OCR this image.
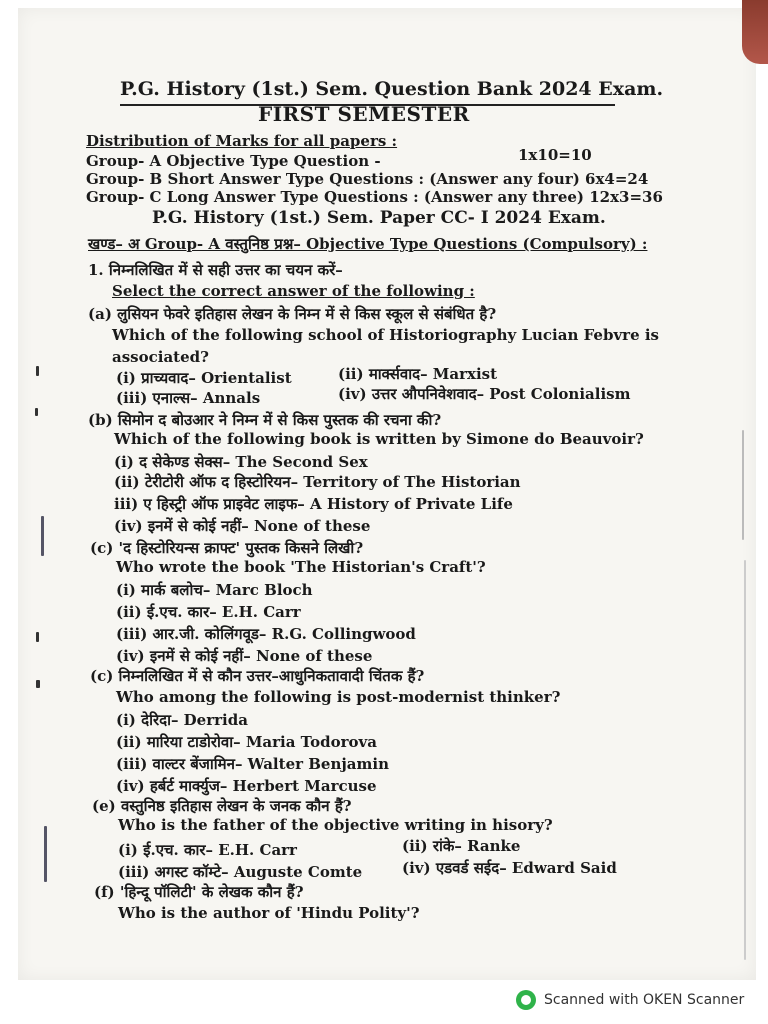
P.G. History (1st.) Sem. Question Bank 2024 Exam.
FIRST SEMESTER
Distribution of Marks for all papers :
Group- A Objective Type Question -	1x10=10
Group- B Short Answer Type Questions : (Answer any four) 6x4=24
Group- C Long Answer Type Questions : (Answer any three) 12x3=36
P.G. History (1st.) Sem. Paper CC- I 2024 Exam.
खण्ड– अ Group- A वस्तुनिष्ठ प्रश्न– Objective Type Questions (Compulsory) :
1. निम्नलिखित में से सही उत्तर का चयन करें–
Select the correct answer of the following :
(a) लुसियन फेवरे इतिहास लेखन के निम्न में से किस स्कूल से संबंधित है?
Which of the following school of Historiography Lucian Febvre is
associated?
(i) प्राच्यवाद– Orientalist	(ii) मार्क्सवाद– Marxist
(iii) एनाल्स– Annals	(iv) उत्तर औपनिवेशवाद– Post Colonialism
(b) सिमोन द बोउआर ने निम्न में से किस पुस्तक की रचना की?
Which of the following book is written by Simone do Beauvoir?
(i) द सेकेण्ड सेक्स– The Second Sex
(ii) टेरीटोरी ऑफ द हिस्टोरियन– Territory of The Historian
iii) ए हिस्ट्री ऑफ प्राइवेट लाइफ– A History of Private Life
(iv) इनमें से कोई नहीं– None of these
(c) 'द हिस्टोरियन्स क्राफ्ट' पुस्तक किसने लिखी?
Who wrote the book 'The Historian's Craft'?
(i) मार्क बलोच– Marc Bloch
(ii) ई.एच. कार– E.H. Carr
(iii) आर.जी. कोलिंगवूड– R.G. Collingwood
(iv) इनमें से कोई नहीं– None of these
(c) निम्नलिखित में से कौन उत्तर–आधुनिकतावादी चिंतक हैं?
Who among the following is post-modernist thinker?
(i) देरिदा– Derrida
(ii) मारिया टाडोरोवा– Maria Todorova
(iii) वाल्टर बेंजामिन– Walter Benjamin
(iv) हर्बर्ट मार्क्युज– Herbert Marcuse
(e) वस्तुनिष्ठ इतिहास लेखन के जनक कौन हैं?
Who is the father of the objective writing in hisory?
(i) ई.एच. कार– E.H. Carr	(ii) रांके– Ranke
(iii) अगस्ट कॉम्टे– Auguste Comte	(iv) एडवर्ड सईद– Edward Said
(f) 'हिन्दू पॉलिटी' के लेखक कौन हैं?
Who is the author of 'Hindu Polity'?
Scanned with OKEN Scanner
